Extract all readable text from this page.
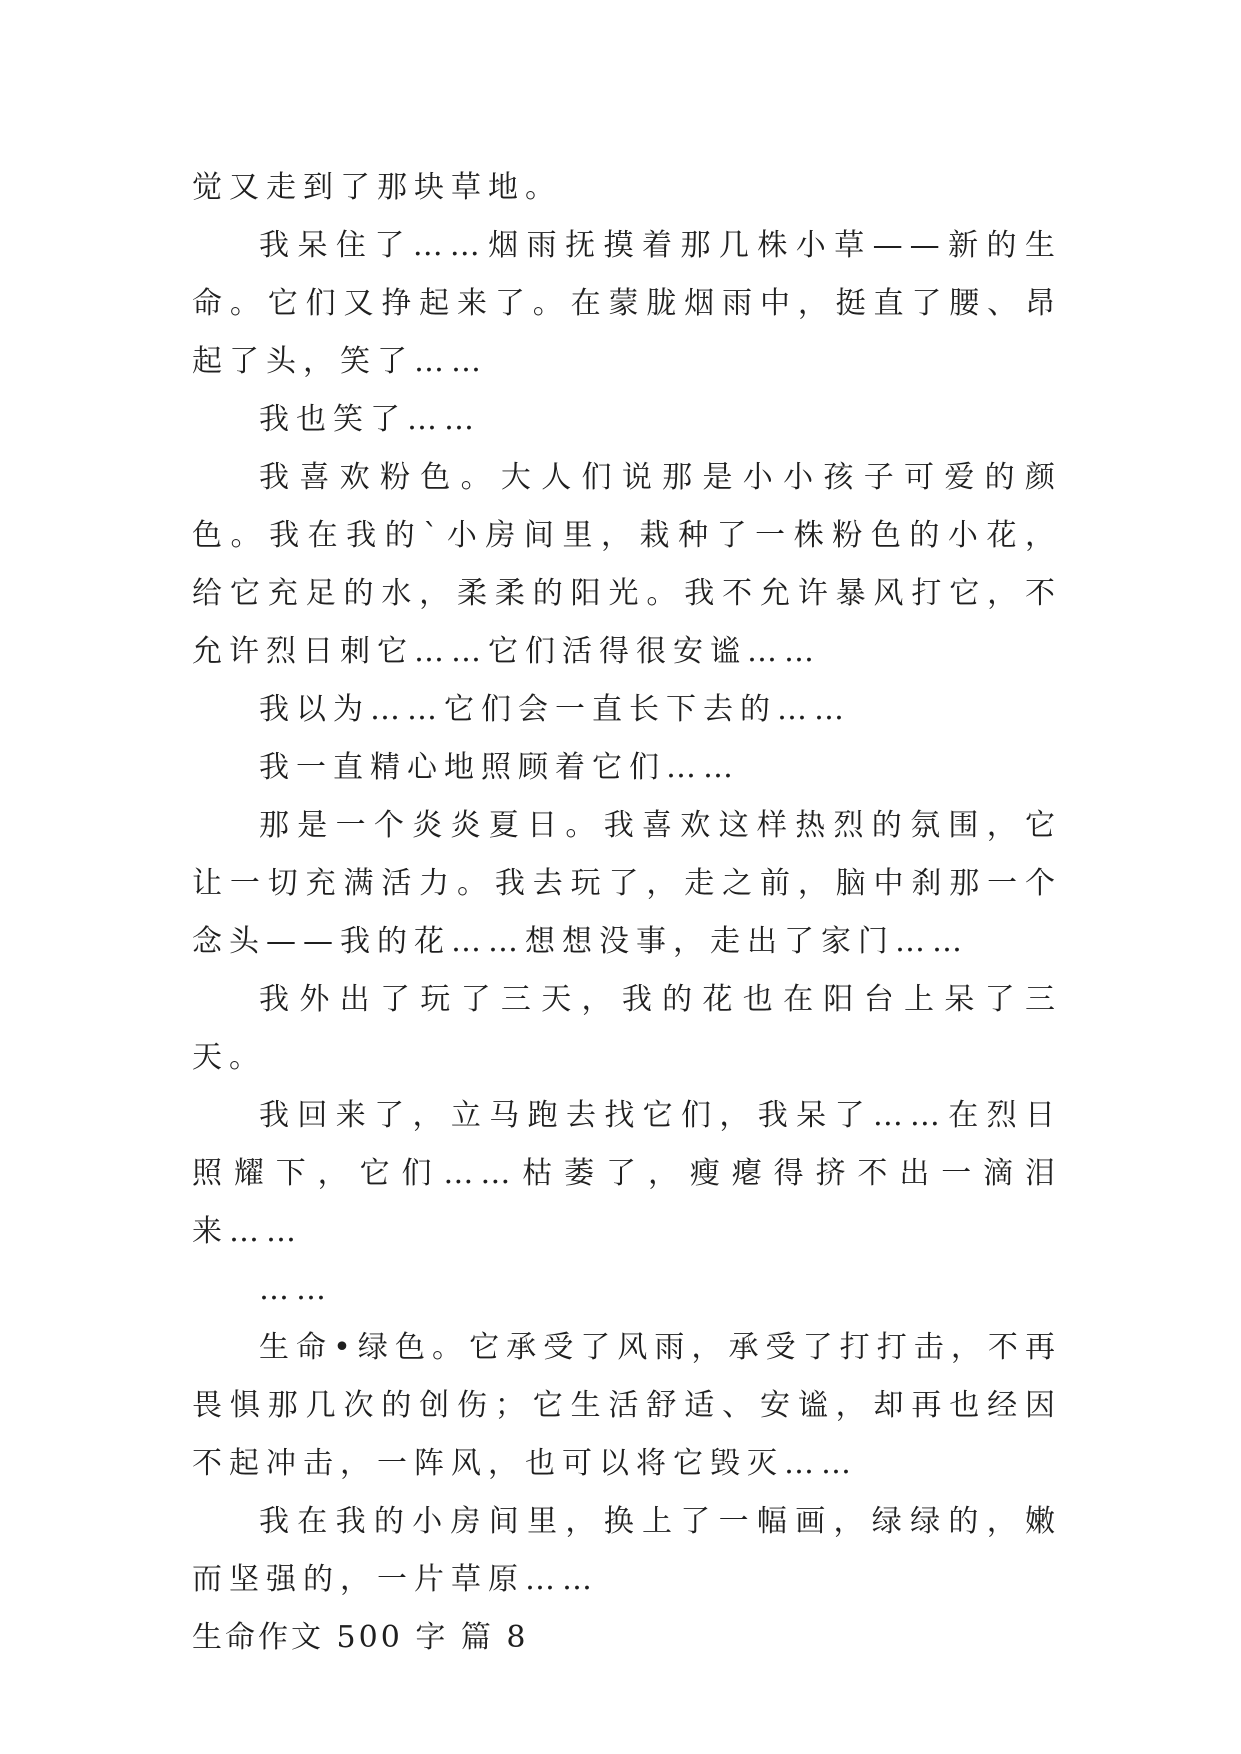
觉又走到了那块草地。

我呆住了……烟雨抚摸着那几株小草——新的生命。它们又挣起来了。在蒙胧烟雨中，挺直了腰、昂起了头，笑了……

我也笑了……

我喜欢粉色。大人们说那是小小孩子可爱的颜色。我在我的`小房间里，栽种了一株粉色的小花，给它充足的水，柔柔的阳光。我不允许暴风打它，不允许烈日刺它……它们活得很安谧……

我以为……它们会一直长下去的……

我一直精心地照顾着它们……

那是一个炎炎夏日。我喜欢这样热烈的氛围，它让一切充满活力。我去玩了，走之前，脑中刹那一个念头——我的花……想想没事，走出了家门……

我外出了玩了三天，我的花也在阳台上呆了三天。

我回来了，立马跑去找它们，我呆了……在烈日照耀下，它们……枯萎了，瘦瘪得挤不出一滴泪来……

……

生命•绿色。它承受了风雨，承受了打打击，不再畏惧那几次的创伤；它生活舒适、安谧，却再也经因不起冲击，一阵风，也可以将它毁灭……

我在我的小房间里，换上了一幅画，绿绿的，嫩而坚强的，一片草原……

生命作文 500 字 篇 8
